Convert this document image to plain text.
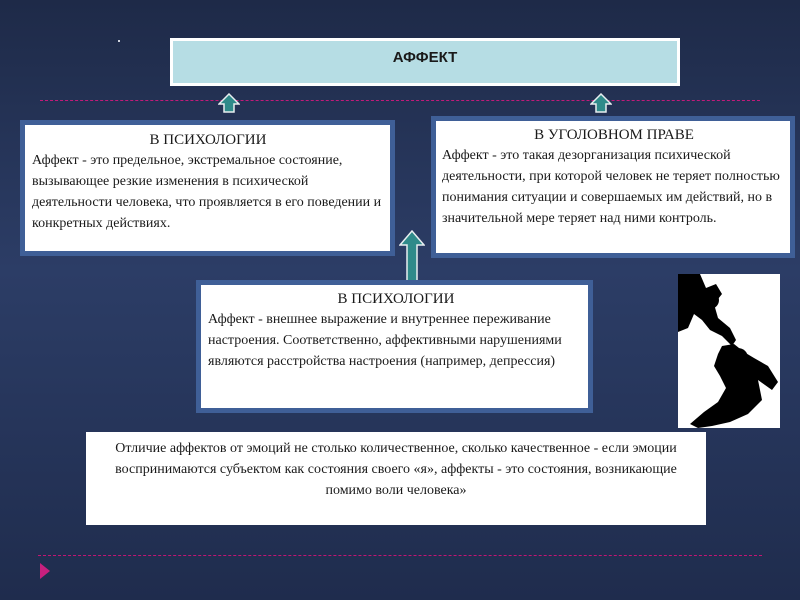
АФФЕКТ
В ПСИХОЛОГИИ
Аффект - это предельное, экстремальное состояние, вызывающее резкие изменения в психической деятельности человека, что проявляется в его поведении и конкретных действиях.
В УГОЛОВНОМ ПРАВЕ
Аффект - это такая дезорганизация психической деятельности, при которой человек не теряет полностью понимания ситуации и совершаемых им действий, но в значительной мере теряет над ними контроль.
В ПСИХОЛОГИИ
Аффект - внешнее выражение и внутреннее переживание настроения. Соответственно, аффективными нарушениями являются расстройства настроения (например, депрессия)
Отличие аффектов от эмоций не столько количественное, сколько качественное - если эмоции воспринимаются субъектом как состояния своего «я», аффекты - это состояния, возникающие помимо воли человека»
